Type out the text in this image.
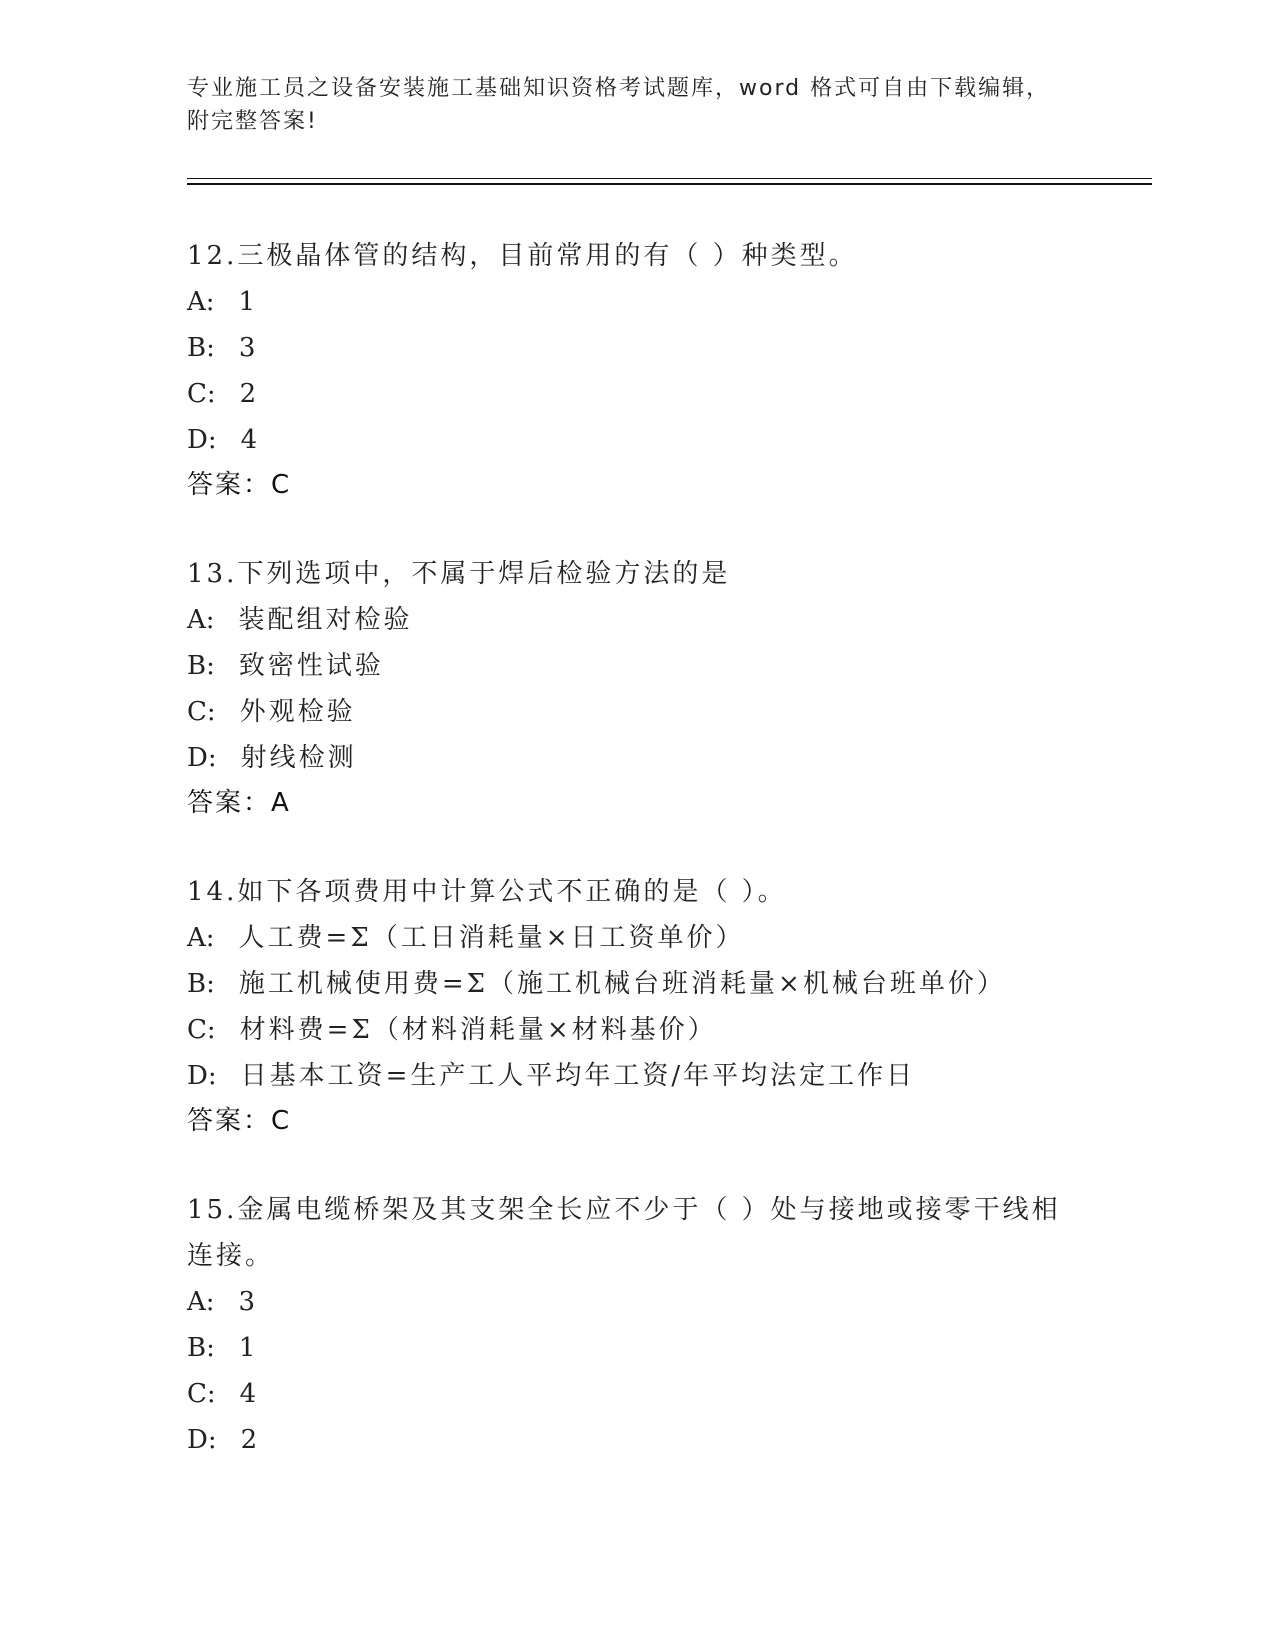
专业施工员之设备安装施工基础知识资格考试题库，word 格式可自由下载编辑，附完整答案!

12.三极晶体管的结构，目前常用的有（ ）种类型。

A: 1

B: 3

C: 2

D: 4

答案：C

13.下列选项中，不属于焊后检验方法的是

A: 装配组对检验

B: 致密性试验

C: 外观检验

D: 射线检测

答案：A

14.如下各项费用中计算公式不正确的是（ ）。

A: 人工费=Σ（工日消耗量×日工资单价）

B: 施工机械使用费=Σ（施工机械台班消耗量×机械台班单价）

C: 材料费=Σ（材料消耗量×材料基价）

D: 日基本工资=生产工人平均年工资/年平均法定工作日

答案：C

15.金属电缆桥架及其支架全长应不少于（ ）处与接地或接零干线相连接。

A: 3

B: 1

C: 4

D: 2
